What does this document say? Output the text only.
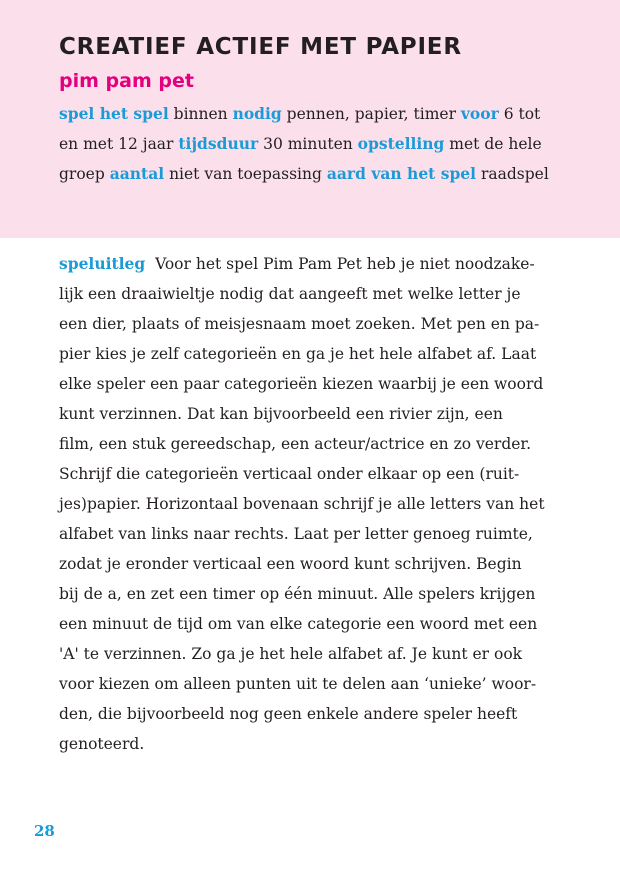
CREATIEF ACTIEF MET PAPIER
pim pam pet
spel het spel binnen nodig pennen, papier, timer voor 6 tot
en met 12 jaar tijdsduur 30 minuten opstelling met de hele
groep aantal niet van toepassing aard van het spel raadspel
speluitleg  Voor het spel Pim Pam Pet heb je niet noodzake-
lijk een draaiwieltje nodig dat aangeeft met welke letter je
een dier, plaats of meisjesnaam moet zoeken. Met pen en pa-
pier kies je zelf categorieën en ga je het hele alfabet af. Laat
elke speler een paar categorieën kiezen waarbij je een woord
kunt verzinnen. Dat kan bijvoorbeeld een rivier zijn, een
film, een stuk gereedschap, een acteur/actrice en zo verder.
Schrijf die categorieën verticaal onder elkaar op een (ruit-
jes)papier. Horizontaal bovenaan schrijf je alle letters van het
alfabet van links naar rechts. Laat per letter genoeg ruimte,
zodat je eronder verticaal een woord kunt schrijven. Begin
bij de a, en zet een timer op één minuut. Alle spelers krijgen
een minuut de tijd om van elke categorie een woord met een
'A' te verzinnen. Zo ga je het hele alfabet af. Je kunt er ook
voor kiezen om alleen punten uit te delen aan ‘unieke’ woor-
den, die bijvoorbeeld nog geen enkele andere speler heeft
genoteerd.
28
